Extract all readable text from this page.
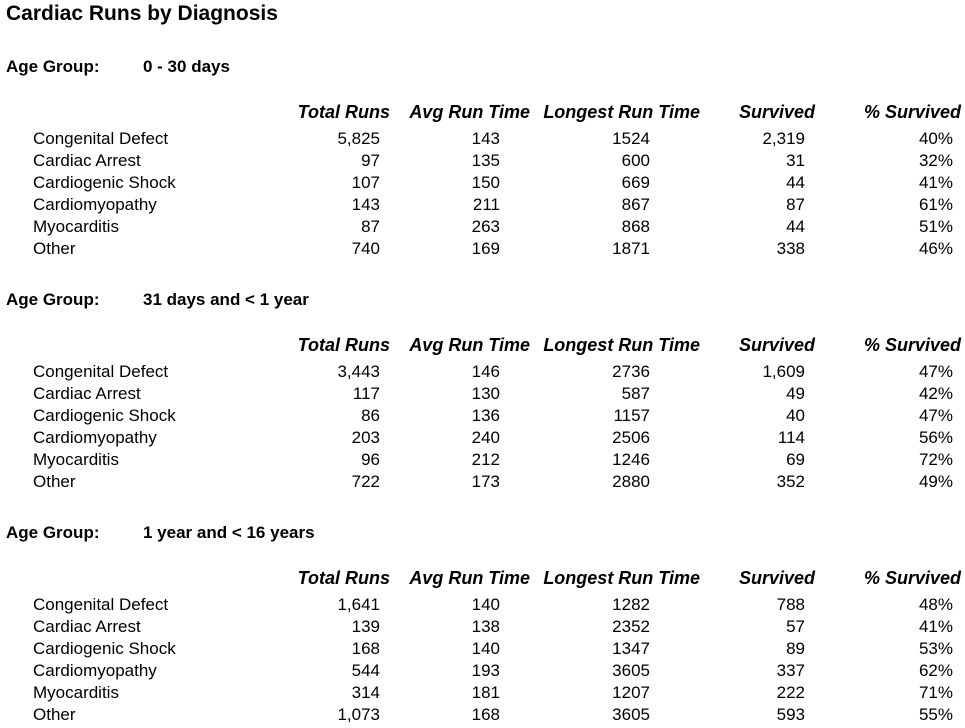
Cardiac Runs by Diagnosis
Age Group:	0 - 30 days
		Total Runs	Avg Run Time	Longest Run Time	Survived	% Survived
	Congenital Defect	5,825	143	1524	2,319	40%
	Cardiac Arrest	97	135	600	31	32%
	Cardiogenic Shock	107	150	669	44	41%
	Cardiomyopathy	143	211	867	87	61%
	Myocarditis	87	263	868	44	51%
	Other	740	169	1871	338	46%
Age Group:	31 days and < 1 year
		Total Runs	Avg Run Time	Longest Run Time	Survived	% Survived
	Congenital Defect	3,443	146	2736	1,609	47%
	Cardiac Arrest	117	130	587	49	42%
	Cardiogenic Shock	86	136	1157	40	47%
	Cardiomyopathy	203	240	2506	114	56%
	Myocarditis	96	212	1246	69	72%
	Other	722	173	2880	352	49%
Age Group:	1 year and < 16 years
		Total Runs	Avg Run Time	Longest Run Time	Survived	% Survived
	Congenital Defect	1,641	140	1282	788	48%
	Cardiac Arrest	139	138	2352	57	41%
	Cardiogenic Shock	168	140	1347	89	53%
	Cardiomyopathy	544	193	3605	337	62%
	Myocarditis	314	181	1207	222	71%
	Other	1,073	168	3605	593	55%
